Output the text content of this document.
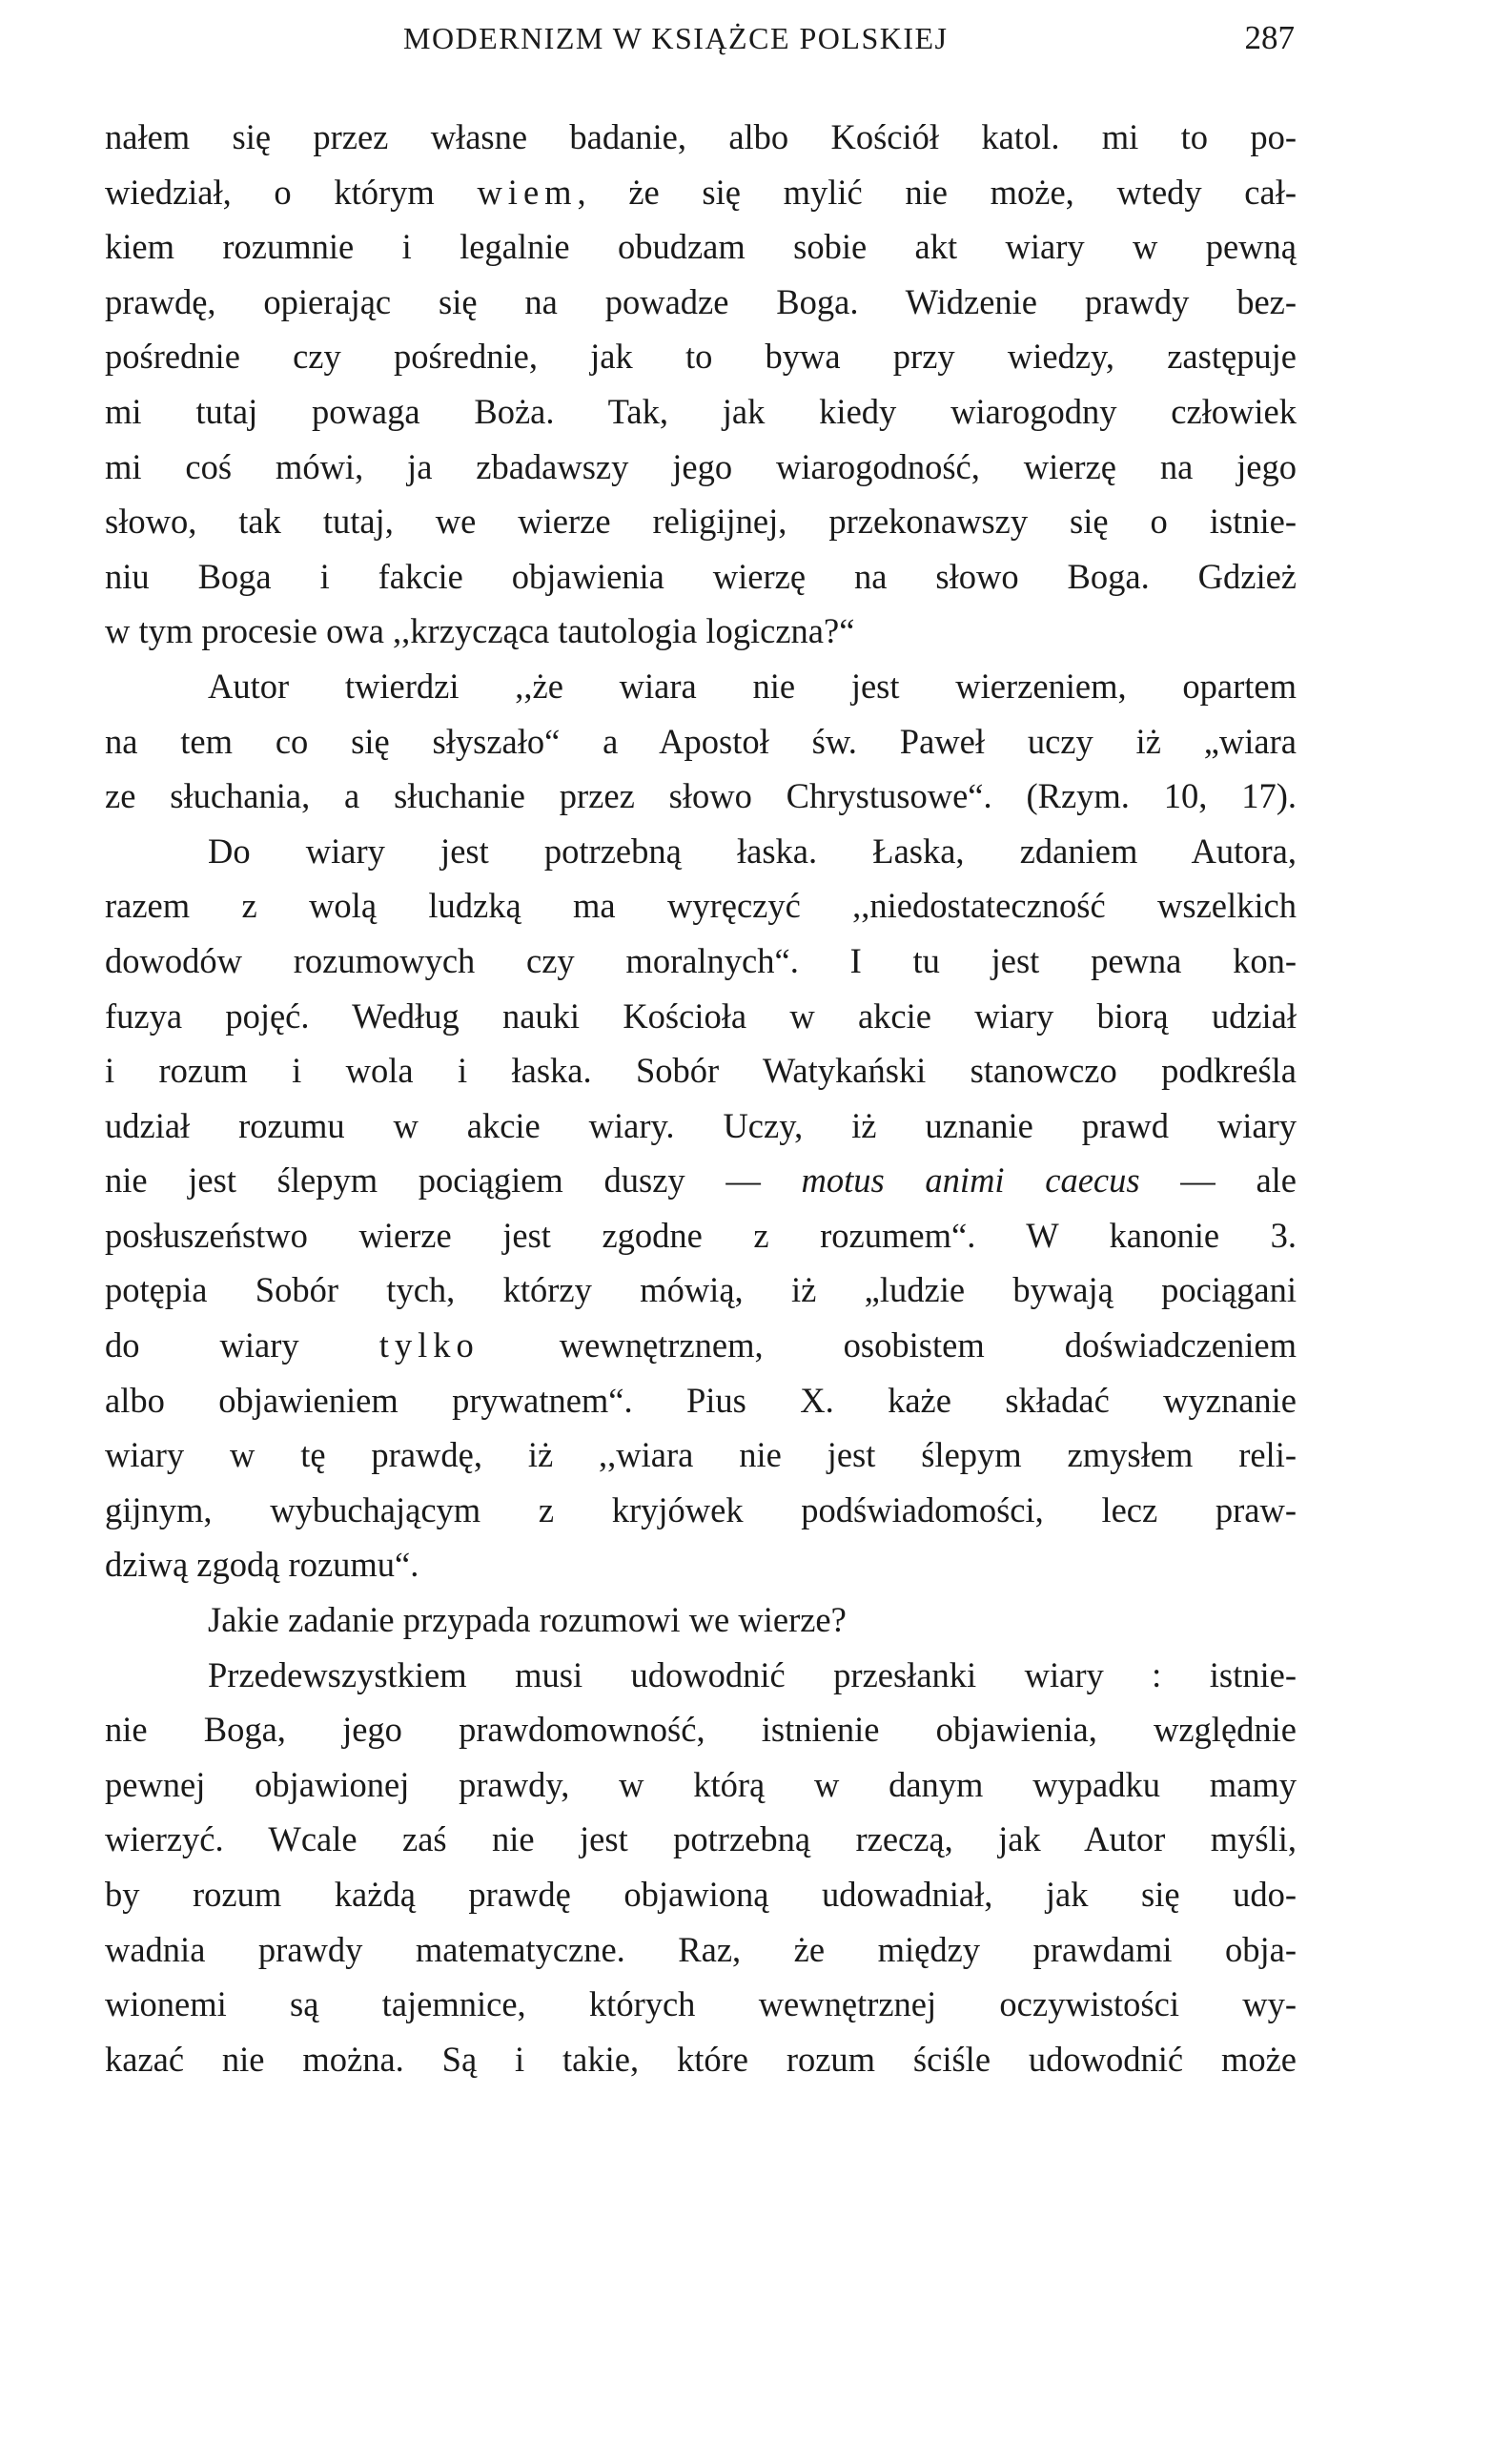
MODERNIZM W KSIĄŻCE POLSKIEJ	287
nałem się przez własne badanie, albo Kościół katol. mi to po-
wiedział, o którym wiem, że się mylić nie może, wtedy cał-
kiem rozumnie i legalnie obudzam sobie akt wiary w pewną
prawdę, opierając się na powadze Boga. Widzenie prawdy bez-
pośrednie czy pośrednie, jak to bywa przy wiedzy, zastępuje
mi tutaj powaga Boża. Tak, jak kiedy wiarogodny człowiek
mi coś mówi, ja zbadawszy jego wiarogodność, wierzę na jego
słowo, tak tutaj, we wierze religijnej, przekonawszy się o istnie-
niu Boga i fakcie objawienia wierzę na słowo Boga. Gdzież
w tym procesie owa ,,krzycząca tautologia logiczna?“
Autor twierdzi ,,że wiara nie jest wierzeniem, opartem
na tem co się słyszało“ a Apostoł św. Paweł uczy iż „wiara
ze słuchania, a słuchanie przez słowo Chrystusowe“. (Rzym. 10, 17).
Do wiary jest potrzebną łaska. Łaska, zdaniem Autora,
razem z wolą ludzką ma wyręczyć ,,niedostateczność wszelkich
dowodów rozumowych czy moralnych“. I tu jest pewna kon-
fuzya pojęć. Według nauki Kościoła w akcie wiary biorą udział
i rozum i wola i łaska. Sobór Watykański stanowczo podkreśla
udział rozumu w akcie wiary. Uczy, iż uznanie prawd wiary
nie jest ślepym pociągiem duszy — motus animi caecus — ale
posłuszeństwo wierze jest zgodne z rozumem“. W kanonie 3.
potępia Sobór tych, którzy mówią, iż „ludzie bywają pociągani
do wiary tylko wewnętrznem, osobistem doświadczeniem
albo objawieniem prywatnem“. Pius X. każe składać wyznanie
wiary w tę prawdę, iż ,,wiara nie jest ślepym zmysłem reli-
gijnym, wybuchającym z kryjówek podświadomości, lecz praw-
dziwą zgodą rozumu“.
Jakie zadanie przypada rozumowi we wierze?
Przedewszystkiem musi udowodnić przesłanki wiary : istnie-
nie Boga, jego prawdomowność, istnienie objawienia, względnie
pewnej objawionej prawdy, w którą w danym wypadku mamy
wierzyć. Wcale zaś nie jest potrzebną rzeczą, jak Autor myśli,
by rozum każdą prawdę objawioną udowadniał, jak się udo-
wadnia prawdy matematyczne. Raz, że między prawdami obja-
wionemi są tajemnice, których wewnętrznej oczywistości wy-
kazać nie można. Są i takie, które rozum ściśle udowodnić może
